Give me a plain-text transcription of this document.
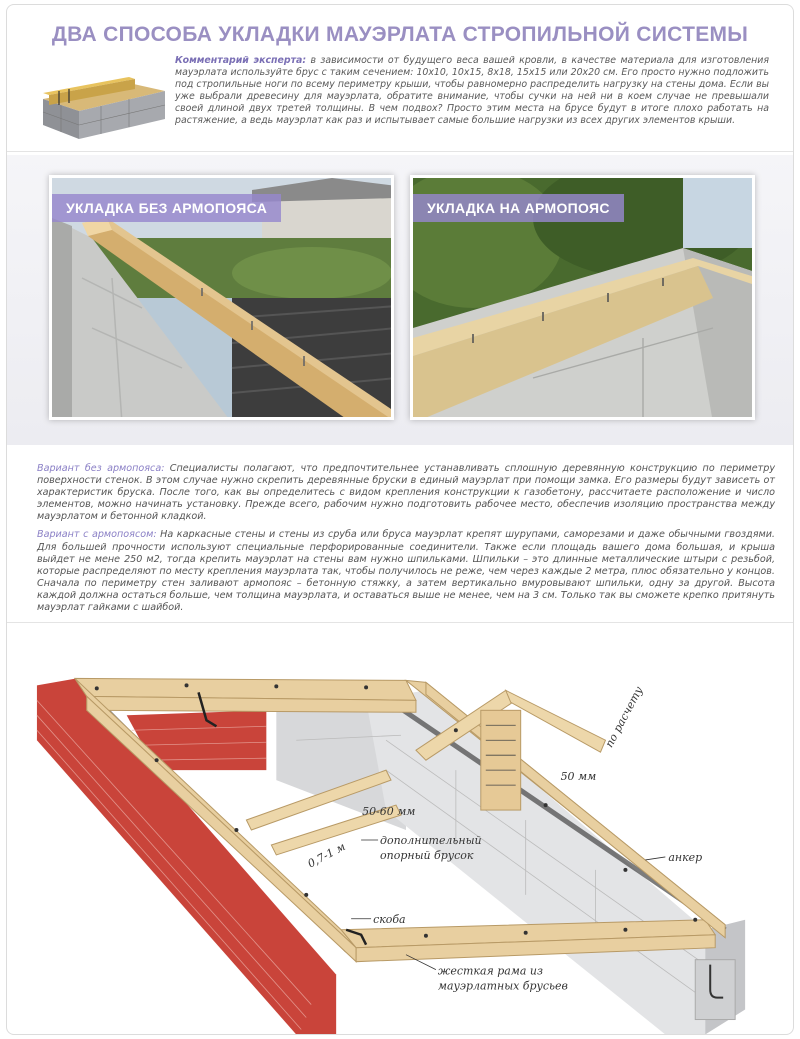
ДВА СПОСОБА УКЛАДКИ МАУЭРЛАТА СТРОПИЛЬНОЙ СИСТЕМЫ
Комментарий эксперта: в зависимости от будущего веса вашей кровли, в качестве материала для изготовления мауэрлата используйте брус с таким сечением: 10х10, 10х15, 8х18, 15х15 или 20х20 см. Его просто нужно подложить под стропильные ноги по всему периметру крыши, чтобы равномерно распределить нагрузку на стены дома. Если вы уже выбрали древесину для мауэрлата, обратите внимание, чтобы сучки на ней ни в коем случае не превышали своей длиной двух третей толщины. В чем подвох? Просто этим места на брусе будут в итоге плохо работать на растяжение, а ведь мауэрлат как раз и испытывает самые большие нагрузки из всех других элементов крыши.
УКЛАДКА БЕЗ АРМОПОЯСА	УКЛАДКА НА АРМОПОЯС

Вариант без армопояса: Специалисты полагают, что предпочтительнее устанавливать сплошную деревянную конструкцию по периметру поверхности стенок. В этом случае нужно скрепить деревянные бруски в единый мауэрлат при помощи замка. Его размеры будут зависеть от характеристик бруска. После того, как вы определитесь с видом крепления конструкции к газобетону, рассчитаете расположение и число элементов, можно начинать установку. Прежде всего, рабочим нужно подготовить рабочее место, обеспечив изоляцию пространства между мауэрлатом и бетонной кладкой.

Вариант с армопоясом: На каркасные стены и стены из сруба или бруса мауэрлат крепят шурупами, саморезами и даже обычными гвоздями. Для большей прочности используют специальные перфорированные соединители. Также если площадь вашего дома большая, и крыша выйдет не мене 250 м2, тогда крепить мауэрлат на стены вам нужно шпильками. Шпильки – это длинные металлические штыри с резьбой, которые распределяют по месту крепления мауэрлата так, чтобы получилось не реже, чем через каждые 2 метра, плюс обязательно у концов. Сначала по периметру стен заливают армопояс – бетонную стяжку, а затем вертикально вмуровывают шпильки, одну за другой. Высота каждой должна остаться больше, чем толщина мауэрлата, и оставаться выше не менее, чем на 3 см. Только так вы сможете крепко притянуть мауэрлат гайками с шайбой.

по расчету
50 мм
50-60 мм
0,7-1 м	дополнительный
опорный брусок	анкер
скоба
жесткая рама из
мауэрлатных брусьев
